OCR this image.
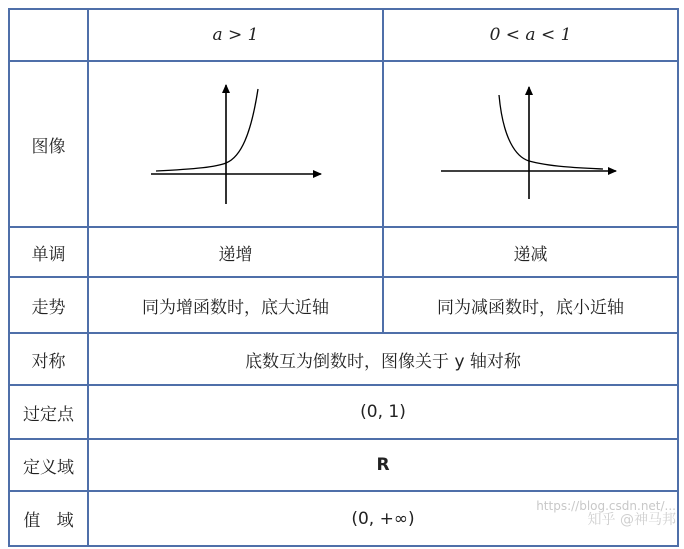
	a > 1	0 < a < 1
图像	

单调	递增	递减
走势	同为增函数时，底大近轴	同为减函数时，底小近轴
对称	底数互为倒数时，图像关于 y 轴对称	
过定点	(0, 1)	
定义域	R	
值   域	(0, +∞)		知乎 @神马邦
https://blog.csdn.net/...
